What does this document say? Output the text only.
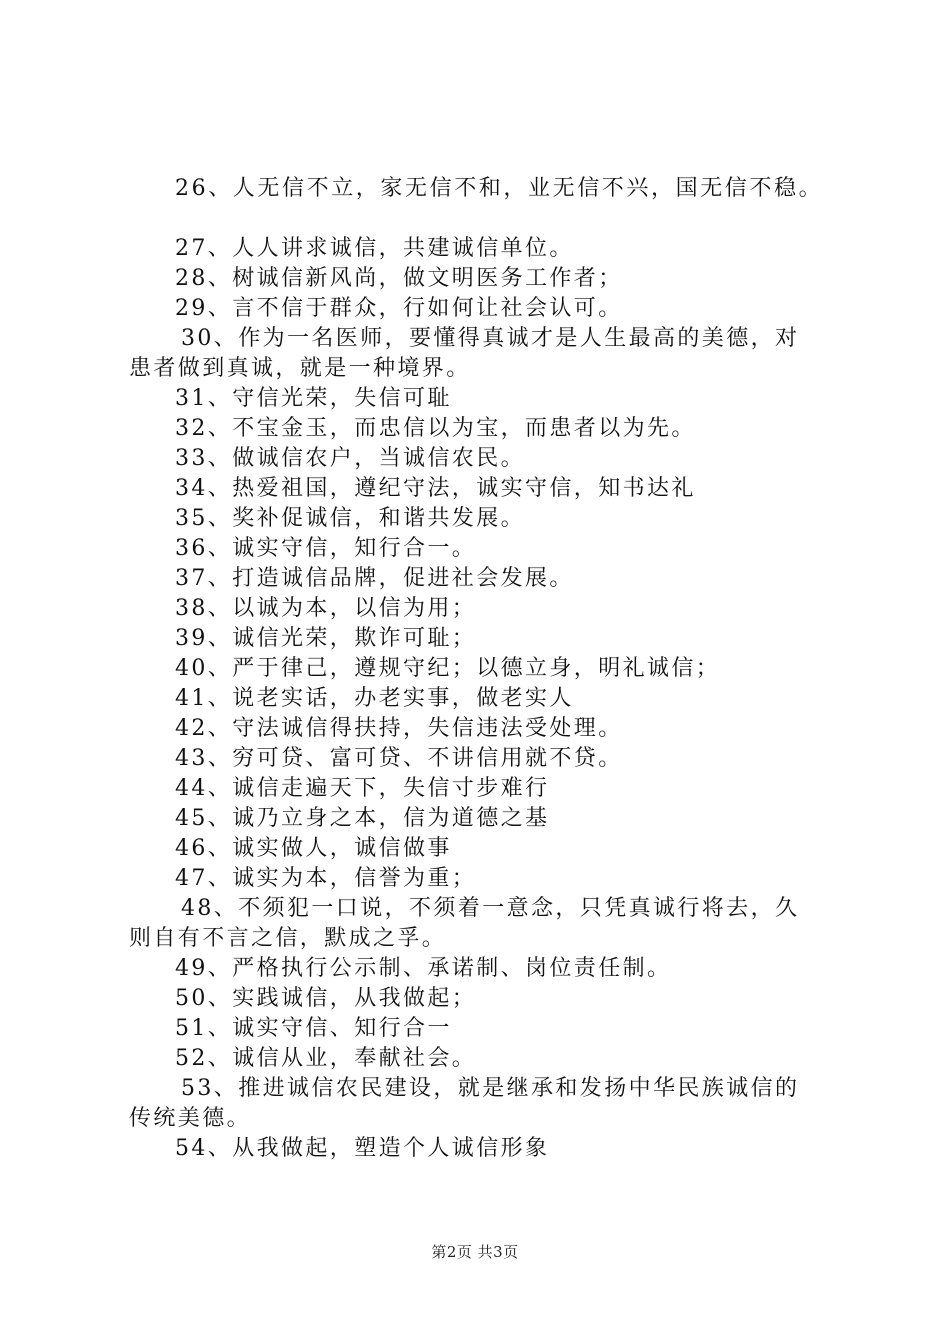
26、人无信不立，家无信不和，业无信不兴，国无信不稳。
27、人人讲求诚信，共建诚信单位。
28、树诚信新风尚，做文明医务工作者；
29、言不信于群众，行如何让社会认可。
30、作为一名医师，要懂得真诚才是人生最高的美德，对
患者做到真诚，就是一种境界。
31、守信光荣，失信可耻
32、不宝金玉，而忠信以为宝，而患者以为先。
33、做诚信农户，当诚信农民。
34、热爱祖国，遵纪守法，诚实守信，知书达礼
35、奖补促诚信，和谐共发展。
36、诚实守信，知行合一。
37、打造诚信品牌，促进社会发展。
38、以诚为本，以信为用；
39、诚信光荣，欺诈可耻；
40、严于律己，遵规守纪；以德立身，明礼诚信；
41、说老实话，办老实事，做老实人
42、守法诚信得扶持，失信违法受处理。
43、穷可贷、富可贷、不讲信用就不贷。
44、诚信走遍天下，失信寸步难行
45、诚乃立身之本，信为道德之基
46、诚实做人，诚信做事
47、诚实为本，信誉为重；
48、不须犯一口说，不须着一意念，只凭真诚行将去，久
则自有不言之信，默成之孚。
49、严格执行公示制、承诺制、岗位责任制。
50、实践诚信，从我做起；
51、诚实守信、知行合一
52、诚信从业，奉献社会。
53、推进诚信农民建设，就是继承和发扬中华民族诚信的
传统美德。
54、从我做起，塑造个人诚信形象
第2页 共3页
